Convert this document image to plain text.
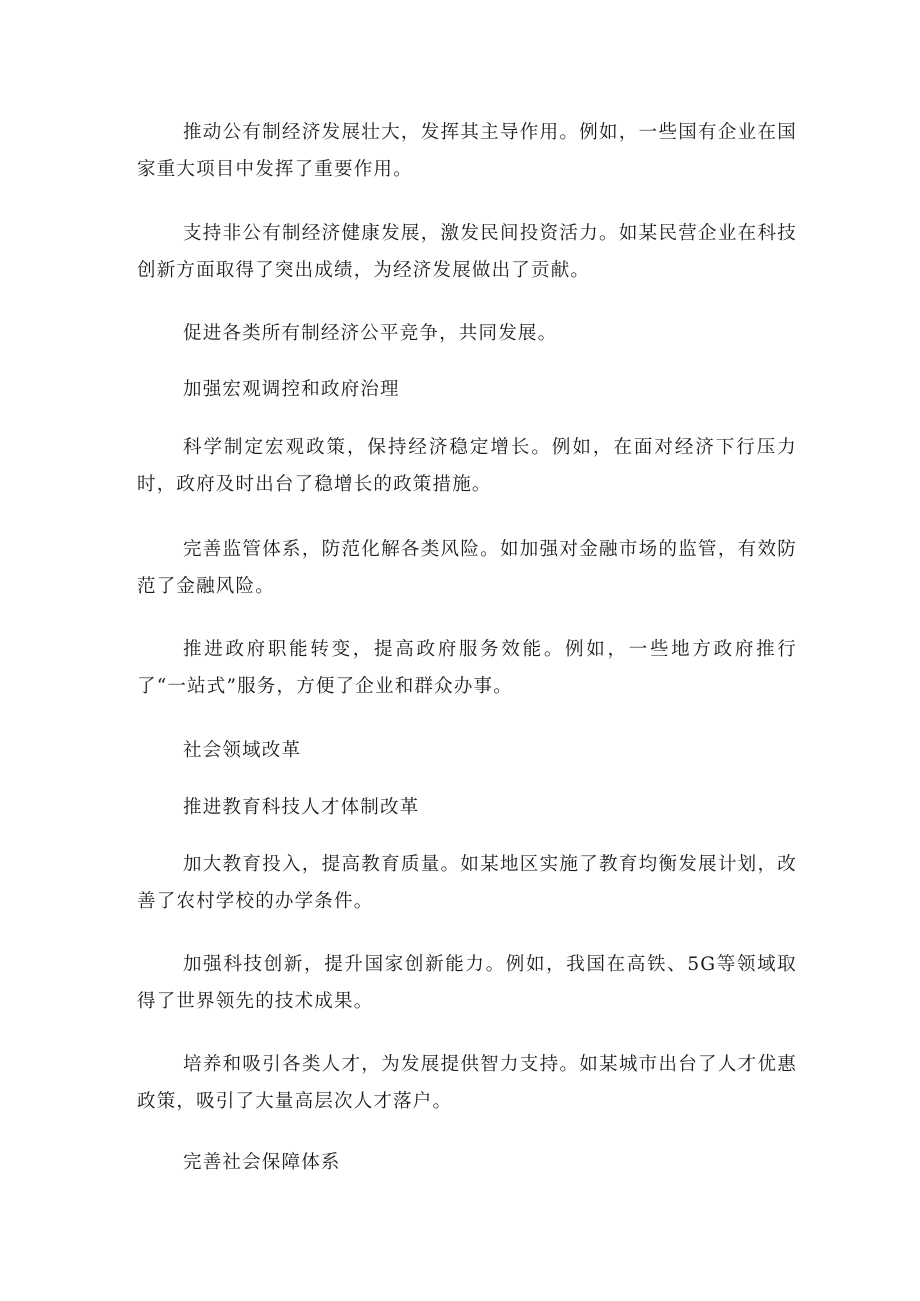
推动公有制经济发展壮大，发挥其主导作用。例如，一些国有企业在国家重大项目中发挥了重要作用。

支持非公有制经济健康发展，激发民间投资活力。如某民营企业在科技创新方面取得了突出成绩，为经济发展做出了贡献。

促进各类所有制经济公平竞争，共同发展。

加强宏观调控和政府治理

科学制定宏观政策，保持经济稳定增长。例如，在面对经济下行压力时，政府及时出台了稳增长的政策措施。

完善监管体系，防范化解各类风险。如加强对金融市场的监管，有效防范了金融风险。

推进政府职能转变，提高政府服务效能。例如，一些地方政府推行了“一站式”服务，方便了企业和群众办事。

社会领域改革

推进教育科技人才体制改革

加大教育投入，提高教育质量。如某地区实施了教育均衡发展计划，改善了农村学校的办学条件。

加强科技创新，提升国家创新能力。例如，我国在高铁、5G等领域取得了世界领先的技术成果。

培养和吸引各类人才，为发展提供智力支持。如某城市出台了人才优惠政策，吸引了大量高层次人才落户。

完善社会保障体系
